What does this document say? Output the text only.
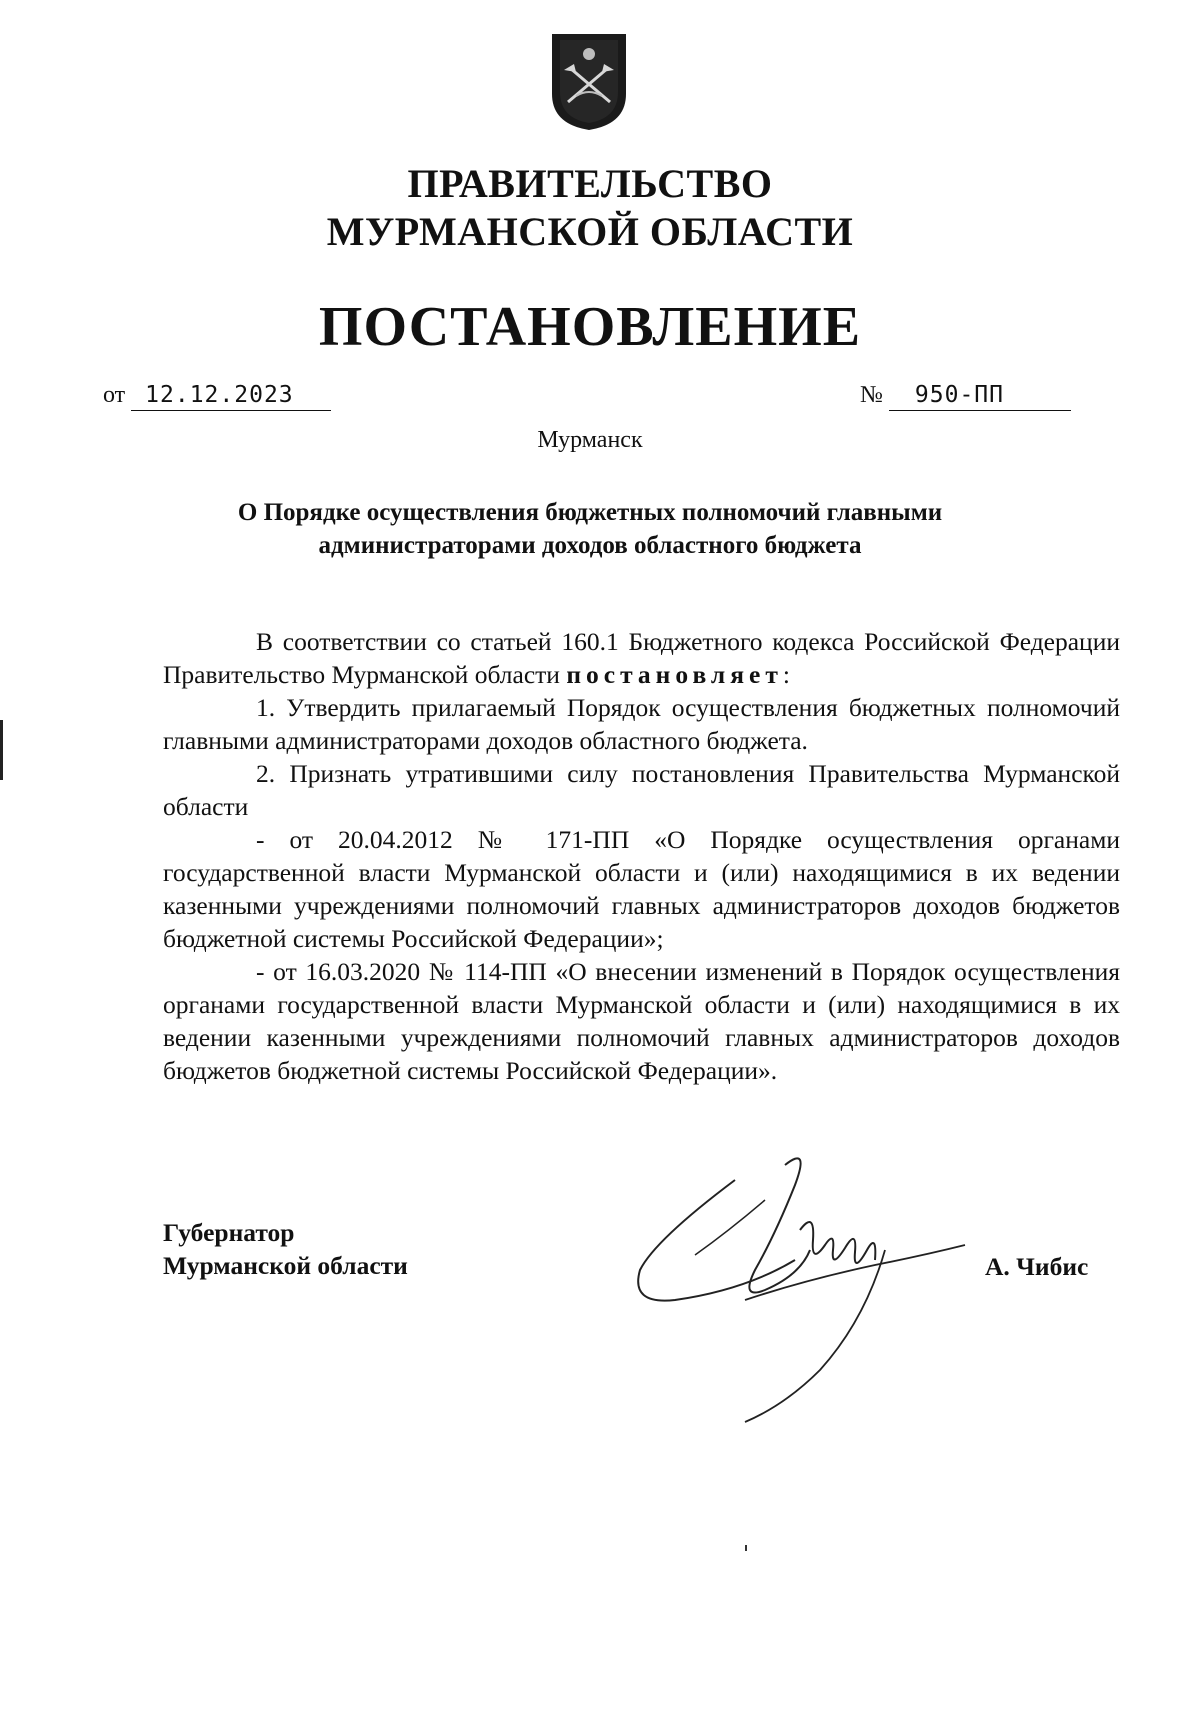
ПРАВИТЕЛЬСТВО
МУРМАНСКОЙ ОБЛАСТИ
ПОСТАНОВЛЕНИЕ
от 12.12.2023	№ 950-ПП
Мурманск
О Порядке осуществления бюджетных полномочий главными
администраторами доходов областного бюджета

В соответствии со статьей 160.1 Бюджетного кодекса Российской Федерации Правительство Мурманской области постановляет:

1. Утвердить прилагаемый Порядок осуществления бюджетных полномочий главными администраторами доходов областного бюджета.

2. Признать утратившими силу постановления Правительства Мурманской области

- от 20.04.2012 № 171-ПП «О Порядке осуществления органами государственной власти Мурманской области и (или) находящимися в их ведении казенными учреждениями полномочий главных администраторов доходов бюджетов бюджетной системы Российской Федерации»;

- от 16.03.2020 № 114-ПП «О внесении изменений в Порядок осуществления органами государственной власти Мурманской области и (или) находящимися в их ведении казенными учреждениями полномочий главных администраторов доходов бюджетов бюджетной системы Российской Федерации».

Губернатор
Мурманской области	А. Чибис
